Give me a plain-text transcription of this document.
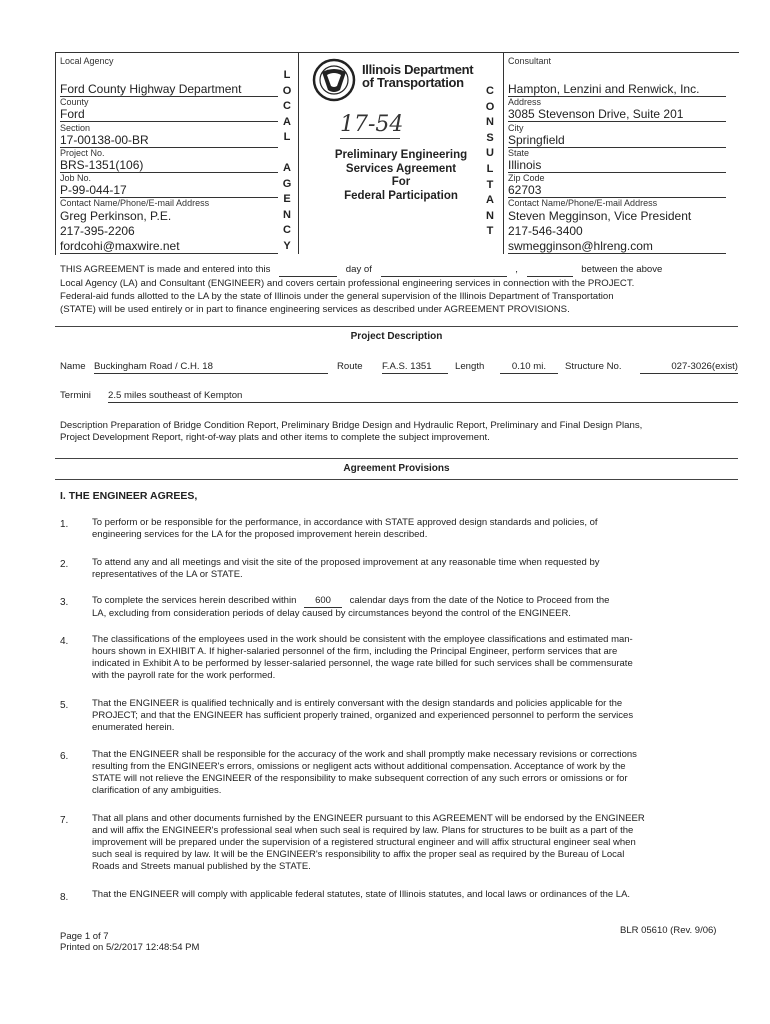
Local Agency
Ford County Highway Department
County
Ford
Section
17-00138-00-BR
Project No.
BRS-1351(106)
Job No.
P-99-044-17
Contact Name/Phone/E-mail Address
Greg Perkinson, P.E.
217-395-2206
fordcohi@maxwire.net
L
O
C
A
L
A
G
E
N
C
Y
Illinois Department
of Transportation
17-54
Preliminary Engineering
Services Agreement
For
Federal Participation
C
O
N
S
U
L
T
A
N
T
Consultant
Hampton, Lenzini and Renwick, Inc.
Address
3085 Stevenson Drive, Suite 201
City
Springfield
State
Illinois
Zip Code
62703
Contact Name/Phone/E-mail Address
Steven Megginson, Vice President
217-546-3400
swmegginson@hlreng.com
THIS AGREEMENT is made and entered into this	day of	,	between the above
Local Agency (LA) and Consultant (ENGINEER) and covers certain professional engineering services in connection with the PROJECT.
Federal-aid funds allotted to the LA by the state of Illinois under the general supervision of the Illinois Department of Transportation
(STATE) will be used entirely or in part to finance engineering services as described under AGREEMENT PROVISIONS.
Project Description
Name Buckingham Road / C.H. 18	Route F.A.S. 1351	Length	0.10 mi.	Structure No.	027-3026(exist)
Termini 2.5 miles southeast of Kempton
Description Preparation of Bridge Condition Report, Preliminary Bridge Design and Hydraulic Report, Preliminary and Final Design Plans,
Project Development Report, right-of-way plats and other items to complete the subject improvement.
Agreement Provisions
I. THE ENGINEER AGREES,
1. To perform or be responsible for the performance, in accordance with STATE approved design standards and policies, of
engineering services for the LA for the proposed improvement herein described.
2. To attend any and all meetings and visit the site of the proposed improvement at any reasonable time when requested by
representatives of the LA or STATE.
3. To complete the services herein described within 600 calendar days from the date of the Notice to Proceed from the
LA, excluding from consideration periods of delay caused by circumstances beyond the control of the ENGINEER.
4. The classifications of the employees used in the work should be consistent with the employee classifications and estimated man-
hours shown in EXHIBIT A. If higher-salaried personnel of the firm, including the Principal Engineer, perform services that are
indicated in Exhibit A to be performed by lesser-salaried personnel, the wage rate billed for such services shall be commensurate
with the payroll rate for the work performed.
5. That the ENGINEER is qualified technically and is entirely conversant with the design standards and policies applicable for the
PROJECT; and that the ENGINEER has sufficient properly trained, organized and experienced personnel to perform the services
enumerated herein.
6. That the ENGINEER shall be responsible for the accuracy of the work and shall promptly make necessary revisions or corrections
resulting from the ENGINEER's errors, omissions or negligent acts without additional compensation. Acceptance of work by the
STATE will not relieve the ENGINEER of the responsibility to make subsequent correction of any such errors or omissions or for
clarification of any ambiguities.
7. That all plans and other documents furnished by the ENGINEER pursuant to this AGREEMENT will be endorsed by the ENGINEER
and will affix the ENGINEER's professional seal when such seal is required by law. Plans for structures to be built as a part of the
improvement will be prepared under the supervision of a registered structural engineer and will affix structural engineer seal when
such seal is required by law. It will be the ENGINEER's responsibility to affix the proper seal as required by the Bureau of Local
Roads and Streets manual published by the STATE.
8. That the ENGINEER will comply with applicable federal statutes, state of Illinois statutes, and local laws or ordinances of the LA.
Page 1 of 7
Printed on 5/2/2017 12:48:54 PM
BLR 05610 (Rev. 9/06)
